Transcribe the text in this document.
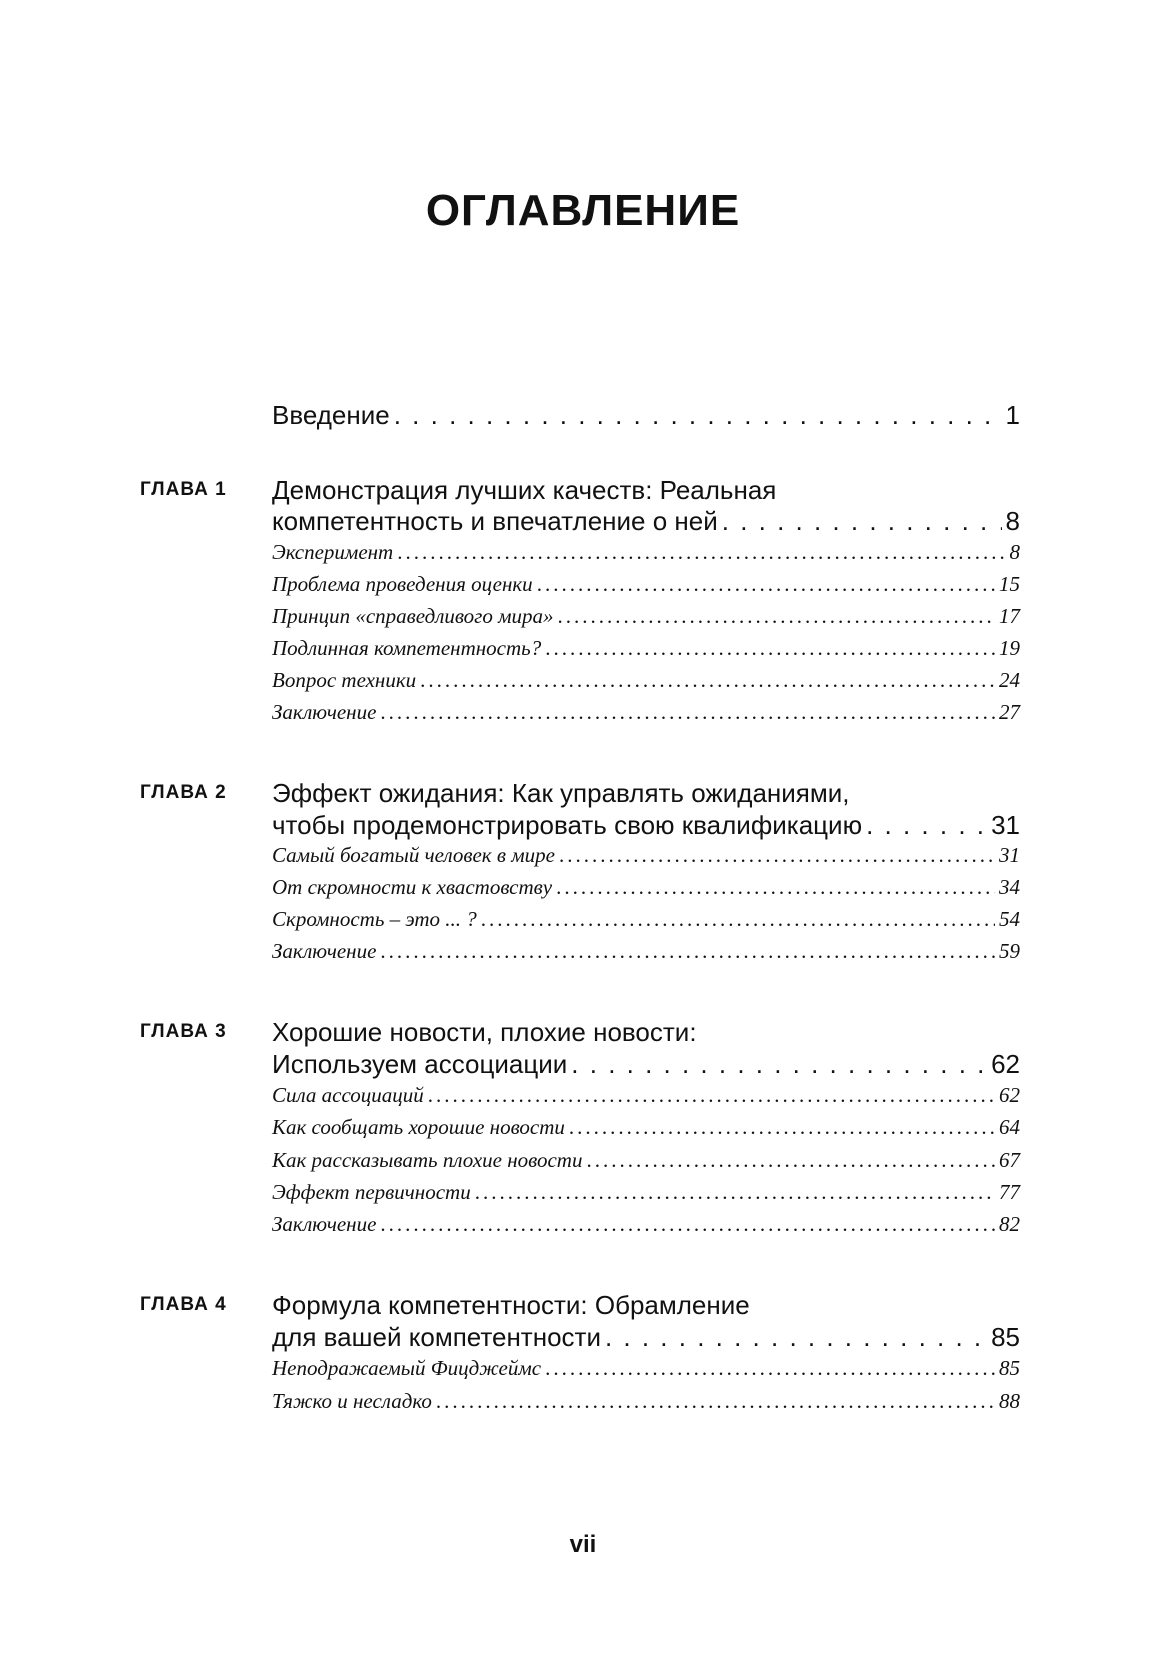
ОГЛАВЛЕНИЕ
Введение . . .	1
ГЛАВА 1 Демонстрация лучших качеств: Реальная
компетентность и впечатление о ней . . .	8
Эксперимент .....	8
Проблема проведения оценки .....	15
Принцип «справедливого мира» .....	17
Подлинная компетентность? .....	19
Вопрос техники .....	24
Заключение .....	27
ГЛАВА 2 Эффект ожидания: Как управлять ожиданиями,
чтобы продемонстрировать свою квалификацию . . .	31
Самый богатый человек в мире .....	31
От скромности к хвастовству .....	34
Скромность – это ... ? .....	54
Заключение .....	59
ГЛАВА 3 Хорошие новости, плохие новости:
Используем ассоциации . . .	62
Сила ассоциаций .....	62
Как сообщать хорошие новости .....	64
Как рассказывать плохие новости .....	67
Эффект первичности .....	77
Заключение .....	82
ГЛАВА 4 Формула компетентности: Обрамление
для вашей компетентности . . .	85
Неподражаемый Фицджеймс .....	85
Тяжко и несладко .....	88
vii
